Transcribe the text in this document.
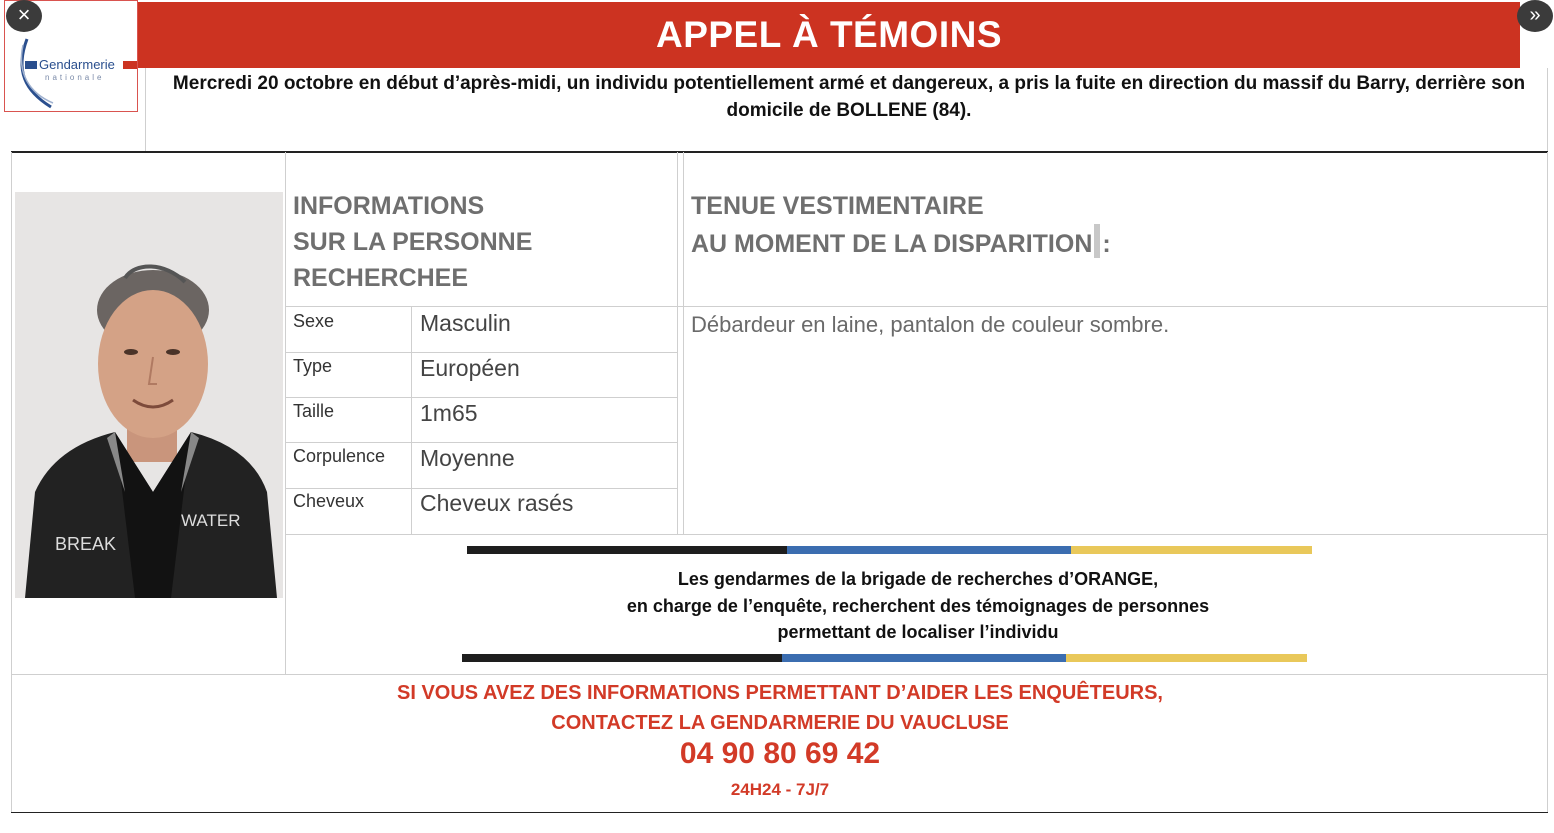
APPEL À TÉMOINS
Gendarmerie
nationale
×	»
Mercredi 20 octobre en début d’après-midi, un individu potentiellement armé et dangereux, a pris la fuite en direction du massif du Barry, derrière son domicile de BOLLENE (84).
BREAK
WATER
INFORMATIONS
SUR LA PERSONNE
RECHERCHEE
Sexe	Masculin
Type	Européen
Taille	1m65
Corpulence Moyenne
Cheveux Cheveux rasés
TENUE VESTIMENTAIRE
AU MOMENT DE LA DISPARITION :
Débardeur en laine, pantalon de couleur sombre.
Les gendarmes de la brigade de recherches d’ORANGE,
en charge de l’enquête, recherchent des témoignages de personnes
permettant de localiser l’individu
SI VOUS AVEZ DES INFORMATIONS PERMETTANT D’AIDER LES ENQUÊTEURS,
CONTACTEZ LA GENDARMERIE DU VAUCLUSE
04 90 80 69 42
24H24 - 7J/7
